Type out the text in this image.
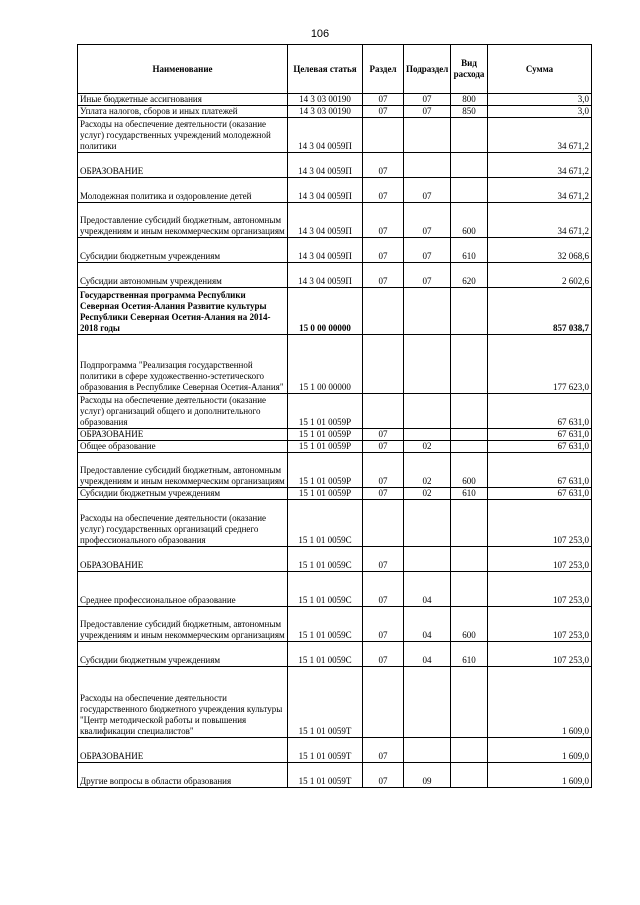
106
Наименование	Целевая статья	Раздел	Подраздел	Вид расхода	Сумма
Иные бюджетные ассигнования	14 3 03 00190	07	07	800	3,0
Уплата налогов, сборов и иных платежей	14 3 03 00190	07	07	850	3,0
Расходы на обеспечение деятельности (оказание услуг) государственных учреждений молодежной политики	14 3 04 0059П				34 671,2
ОБРАЗОВАНИЕ	14 3 04 0059П	07			34 671,2
Молодежная политика и оздоровление детей	14 3 04 0059П	07	07		34 671,2
Предоставление субсидий бюджетным, автономным учреждениям и иным некоммерческим организациям	14 3 04 0059П	07	07	600	34 671,2
Субсидии бюджетным учреждениям	14 3 04 0059П	07	07	610	32 068,6
Субсидии автономным учреждениям	14 3 04 0059П	07	07	620	2 602,6
Государственная программа Республики Северная Осетия-Алания Развитие культуры Республики Северная Осетия-Алания на 2014-2018 годы	15 0 00 00000				857 038,7
Подпрограмма "Реализация государственной политики в сфере художественно-эстетического образования в Республике Северная Осетия-Алания"	15 1 00 00000				177 623,0
Расходы на обеспечение деятельности (оказание услуг) организаций общего и дополнительного образования	15 1 01 0059Р				67 631,0
ОБРАЗОВАНИЕ	15 1 01 0059Р	07			67 631,0
Общее образование	15 1 01 0059Р	07	02		67 631,0
Предоставление субсидий бюджетным, автономным учреждениям и иным некоммерческим организациям	15 1 01 0059Р	07	02	600	67 631,0
Субсидии бюджетным учреждениям	15 1 01 0059Р	07	02	610	67 631,0
Расходы на обеспечение деятельности (оказание услуг) государственных организаций среднего профессионального образования	15 1 01 0059С				107 253,0
ОБРАЗОВАНИЕ	15 1 01 0059С	07			107 253,0
Среднее профессиональное образование	15 1 01 0059С	07	04		107 253,0
Предоставление субсидий бюджетным, автономным учреждениям и иным некоммерческим организациям	15 1 01 0059С	07	04	600	107 253,0
Субсидии бюджетным учреждениям	15 1 01 0059С	07	04	610	107 253,0
Расходы на обеспечение деятельности государственного бюджетного учреждения культуры "Центр методической работы и повышения квалификации специалистов"	15 1 01 0059Т				1 609,0
ОБРАЗОВАНИЕ	15 1 01 0059Т	07			1 609,0
Другие вопросы в области образования	15 1 01 0059Т	07	09		1 609,0
